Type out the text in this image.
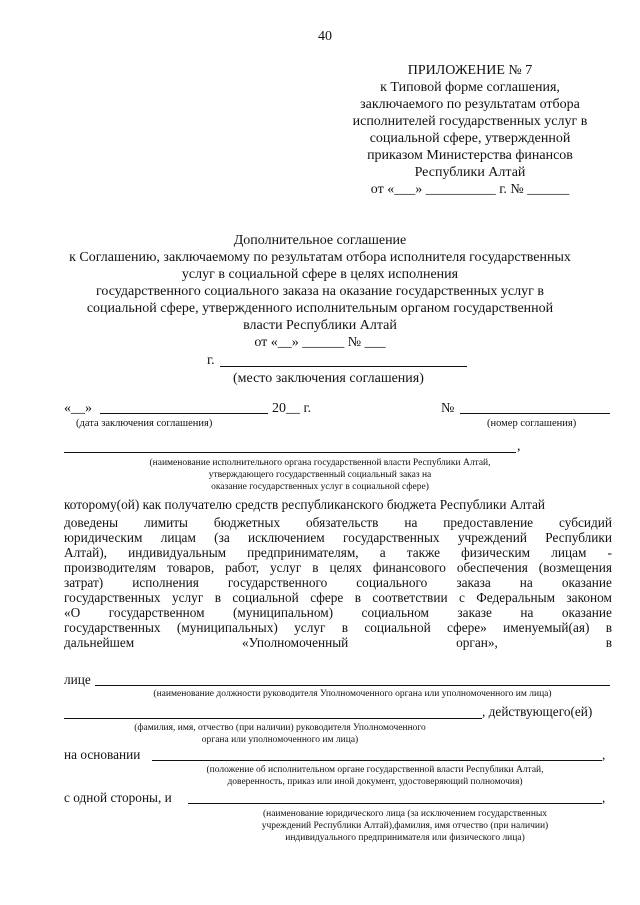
40
ПРИЛОЖЕНИЕ № 7
к Типовой форме соглашения,
заключаемого по результатам отбора
исполнителей государственных услуг в
социальной сфере, утвержденной
приказом Министерства финансов
Республики Алтай
от «___» __________ г. № ______
Дополнительное соглашение
к Соглашению, заключаемому по результатам отбора исполнителя государственных
услуг в социальной сфере в целях исполнения
государственного социального заказа на оказание государственных услуг в
социальной сфере, утвержденного исполнительным органом государственной
власти Республики Алтай
от «__» ______ № ___
г.
(место заключения соглашения)
«__»	20__ г.	№
(дата заключения соглашения)	(номер соглашения)
,
(наименование исполнительного органа государственной власти Республики Алтай,
утверждающего государственный социальный заказ на
оказание государственных услуг в социальной сфере)
которому(ой) как получателю средств республиканского бюджета Республики Алтай
доведены лимиты бюджетных обязательств на предоставление субсидий
юридическим лицам (за исключением государственных учреждений Республики
Алтай), индивидуальным предпринимателям, а также физическим лицам -
производителям товаров, работ, услуг в целях финансового обеспечения (возмещения
затрат) исполнения государственного социального заказа на оказание
государственных услуг в социальной сфере в соответствии с Федеральным законом
«О государственном (муниципальном) социальном заказе на оказание
государственных (муниципальных) услуг в социальной сфере» именуемый(ая) в
дальнейшем	«Уполномоченный	орган»,	в
лице
(наименование должности руководителя Уполномоченного органа или уполномоченного им лица)
, действующего(ей)
(фамилия, имя, отчество (при наличии) руководителя Уполномоченного
органа или уполномоченного им лица)
на основании	,
(положение об исполнительном органе государственной власти Республики Алтай,
доверенность, приказ или иной документ, удостоверяющий полномочия)
с одной стороны, и	,
(наименование юридического лица (за исключением государственных
учреждений Республики Алтай),фамилия, имя отчество (при наличии)
индивидуального предпринимателя или физического лица)
